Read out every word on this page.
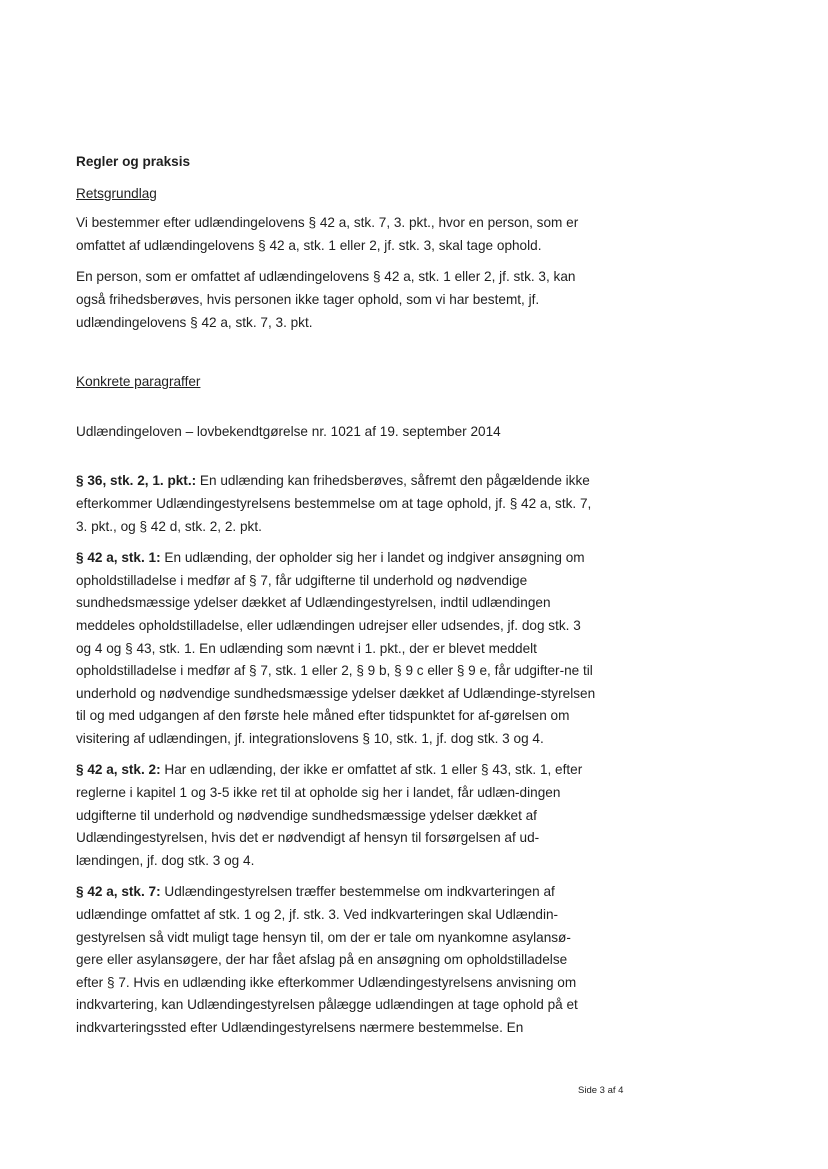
Regler og praksis
Retsgrundlag

Vi bestemmer efter udlændingelovens § 42 a, stk. 7, 3. pkt., hvor en person, som er omfattet af udlændingelovens § 42 a, stk. 1 eller 2, jf. stk. 3, skal tage ophold.

En person, som er omfattet af udlændingelovens § 42 a, stk. 1 eller 2, jf. stk. 3, kan også frihedsberøves, hvis personen ikke tager ophold, som vi har bestemt, jf. udlændingelovens § 42 a, stk. 7, 3. pkt.

Konkrete paragraffer

Udlændingeloven – lovbekendtgørelse nr. 1021 af 19. september 2014

§ 36, stk. 2, 1. pkt.: En udlænding kan frihedsberøves, såfremt den pågældende ikke efterkommer Udlændingestyrelsens bestemmelse om at tage ophold, jf. § 42 a, stk. 7, 3. pkt., og § 42 d, stk. 2, 2. pkt.

§ 42 a, stk. 1: En udlænding, der opholder sig her i landet og indgiver ansøgning om opholdstilladelse i medfør af § 7, får udgifterne til underhold og nødvendige sundhedsmæssige ydelser dækket af Udlændingestyrelsen, indtil udlændingen meddeles opholdstilladelse, eller udlændingen udrejser eller udsendes, jf. dog stk. 3 og 4 og § 43, stk. 1. En udlænding som nævnt i 1. pkt., der er blevet meddelt opholdstilladelse i medfør af § 7, stk. 1 eller 2, § 9 b, § 9 c eller § 9 e, får udgifter-ne til underhold og nødvendige sundhedsmæssige ydelser dækket af Udlændinge-styrelsen til og med udgangen af den første hele måned efter tidspunktet for af-gørelsen om visitering af udlændingen, jf. integrationslovens § 10, stk. 1, jf. dog stk. 3 og 4.

§ 42 a, stk. 2: Har en udlænding, der ikke er omfattet af stk. 1 eller § 43, stk. 1, efter reglerne i kapitel 1 og 3-5 ikke ret til at opholde sig her i landet, får udlæn-dingen udgifterne til underhold og nødvendige sundhedsmæssige ydelser dækket af Udlændingestyrelsen, hvis det er nødvendigt af hensyn til forsørgelsen af ud-lændingen, jf. dog stk. 3 og 4.

§ 42 a, stk. 7: Udlændingestyrelsen træffer bestemmelse om indkvarteringen af udlændinge omfattet af stk. 1 og 2, jf. stk. 3. Ved indkvarteringen skal Udlændin-gestyrelsen så vidt muligt tage hensyn til, om der er tale om nyankomne asylansø-gere eller asylansøgere, der har fået afslag på en ansøgning om opholdstilladelse efter § 7. Hvis en udlænding ikke efterkommer Udlændingestyrelsens anvisning om indkvartering, kan Udlændingestyrelsen pålægge udlændingen at tage ophold på et indkvarteringssted efter Udlændingestyrelsens nærmere bestemmelse. En

Side 3 af 4
